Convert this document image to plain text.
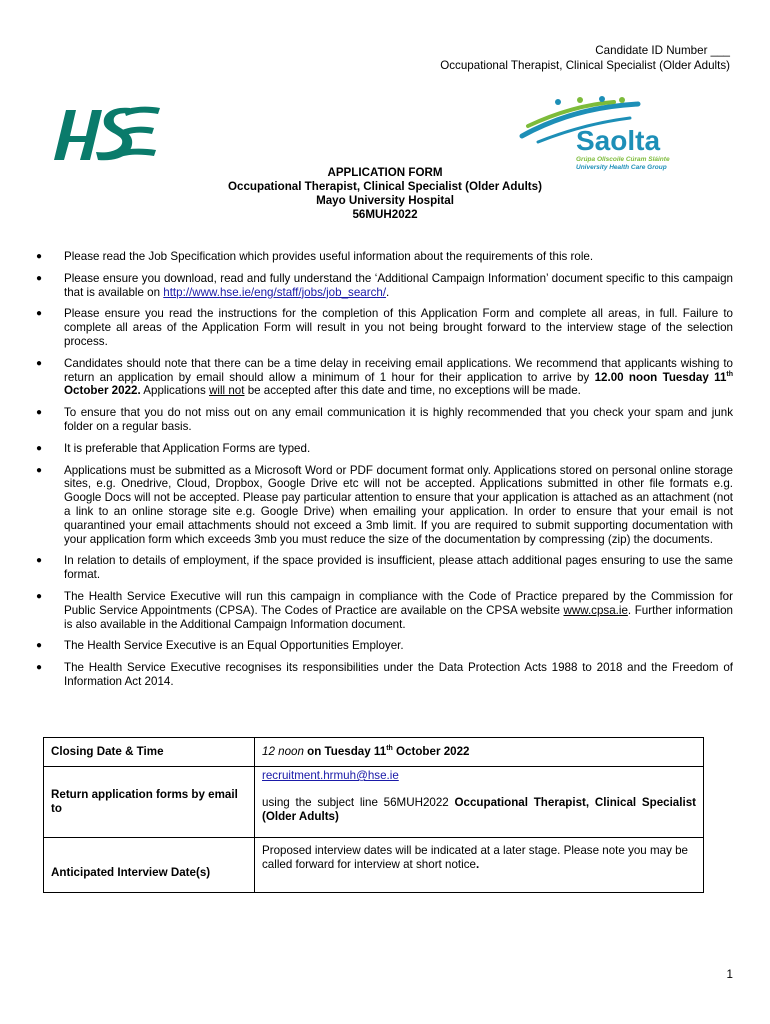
Candidate ID Number ___
Occupational Therapist, Clinical Specialist (Older Adults)
Saolta
Grúpa Ollscoile Cúram Sláinte
University Health Care Group
APPLICATION FORM
Occupational Therapist, Clinical Specialist (Older Adults)
Mayo University Hospital
56MUH2022
● Please read the Job Specification which provides useful information about the requirements of this role.
● Please ensure you download, read and fully understand the ‘Additional Campaign Information’ document specific to this campaign that is available on http://www.hse.ie/eng/staff/jobs/job_search/.
● Please ensure you read the instructions for the completion of this Application Form and complete all areas, in full. Failure to complete all areas of the Application Form will result in you not being brought forward to the interview stage of the selection process.
● Candidates should note that there can be a time delay in receiving email applications. We recommend that applicants wishing to return an application by email should allow a minimum of 1 hour for their application to arrive by 12.00 noon Tuesday 11th October 2022. Applications will not be accepted after this date and time, no exceptions will be made.
● To ensure that you do not miss out on any email communication it is highly recommended that you check your spam and junk folder on a regular basis.
● It is preferable that Application Forms are typed.
● Applications must be submitted as a Microsoft Word or PDF document format only. Applications stored on personal online storage sites, e.g. Onedrive, Cloud, Dropbox, Google Drive etc will not be accepted. Applications submitted in other file formats e.g. Google Docs will not be accepted. Please pay particular attention to ensure that your application is attached as an attachment (not a link to an online storage site e.g. Google Drive) when emailing your application. In order to ensure that your email is not quarantined your email attachments should not exceed a 3mb limit. If you are required to submit supporting documentation with your application form which exceeds 3mb you must reduce the size of the documentation by compressing (zip) the documents.
● In relation to details of employment, if the space provided is insufficient, please attach additional pages ensuring to use the same format.
● The Health Service Executive will run this campaign in compliance with the Code of Practice prepared by the Commission for Public Service Appointments (CPSA). The Codes of Practice are available on the CPSA website www.cpsa.ie. Further information is also available in the Additional Campaign Information document.
● The Health Service Executive is an Equal Opportunities Employer.
● The Health Service Executive recognises its responsibilities under the Data Protection Acts 1988 to 2018 and the Freedom of Information Act 2014.
Closing Date & Time	12 noon on Tuesday 11th October 2022
Return application forms by email to	recruitment.hrmuh@hse.ie
using the subject line 56MUH2022 Occupational Therapist, Clinical Specialist (Older Adults)

Anticipated Interview Date(s)	Proposed interview dates will be indicated at a later stage. Please note you may be called forward for interview at short notice.
1
